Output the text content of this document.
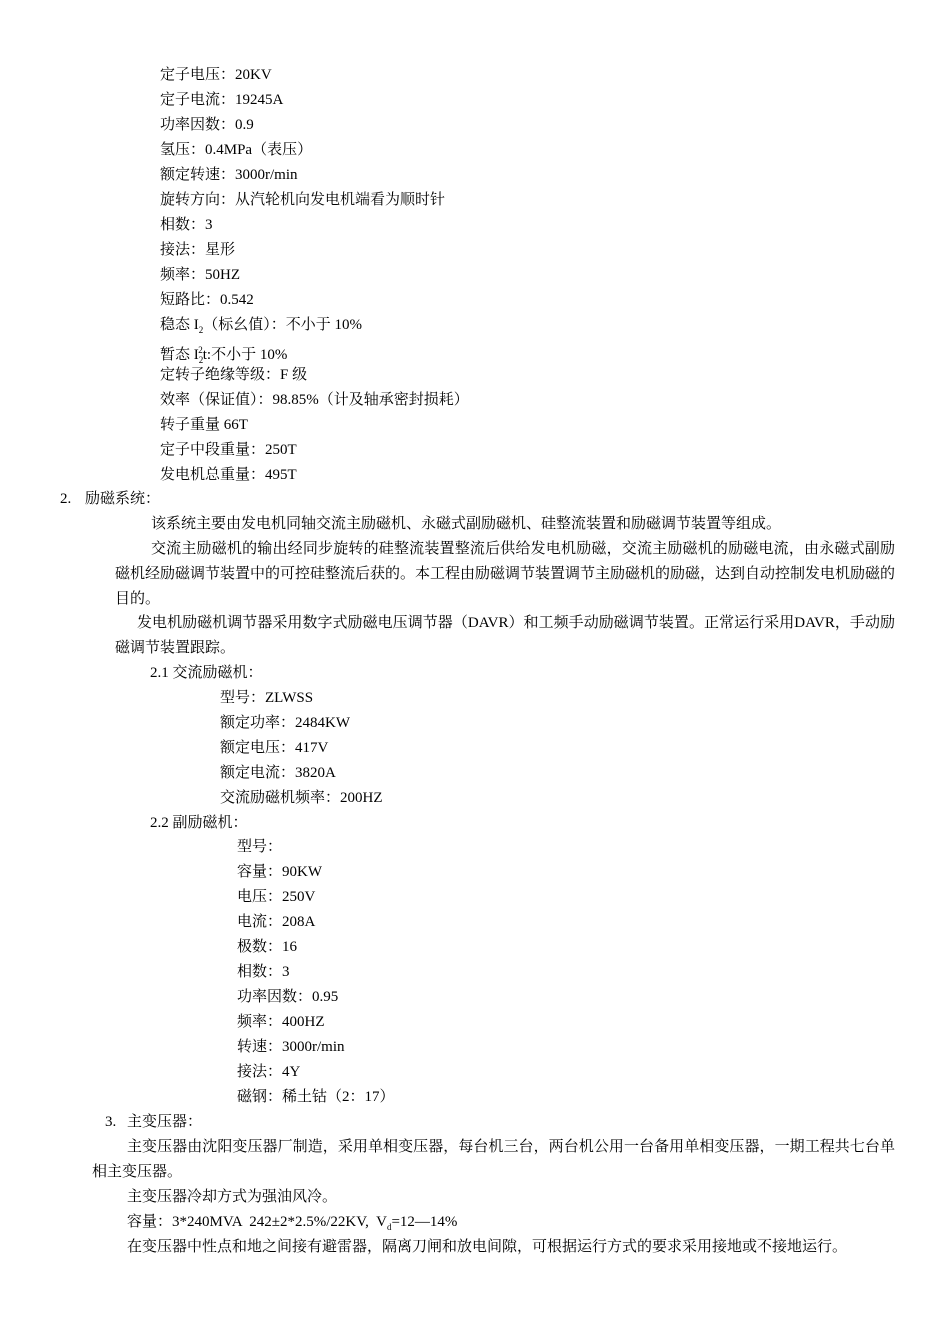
定子电压：20KV
定子电流：19245A
功率因数：0.9
氢压：0.4MPa（表压）
额定转速：3000r/min
旋转方向：从汽轮机向发电机端看为顺时针
相数：3
接法：星形
频率：50HZ
短路比：0.542
稳态 $I_2$（标幺值）：不小于 10%
暂态 $I_2^2t$:不小于 10%
定转子绝缘等级：F 级
效率（保证值）：98.85%（计及轴承密封损耗）
转子重量 66T
定子中段重量：250T
发电机总重量：495T
2. 励磁系统：
该系统主要由发电机同轴交流主励磁机、永磁式副励磁机、硅整流装置和励磁调节装置等组成。
交流主励磁机的输出经同步旋转的硅整流装置整流后供给发电机励磁，交流主励磁机的励磁电流，由永磁式副励磁机经励磁调节装置中的可控硅整流后获的。本工程由励磁调节装置调节主励磁机的励磁，达到自动控制发电机励磁的目的。
发电机励磁机调节器采用数字式励磁电压调节器（DAVR）和工频手动励磁调节装置。正常运行采用DAVR，手动励磁调节装置跟踪。
2.1 交流励磁机：
型号：ZLWSS
额定功率：2484KW
额定电压：417V
额定电流：3820A
交流励磁机频率：200HZ
2.2 副励磁机：
型号：
容量：90KW
电压：250V
电流：208A
极数：16
相数：3
功率因数：0.95
频率：400HZ
转速：3000r/min
接法：4Y
磁钢：稀土钴（2：17）
3. 主变压器：
主变压器由沈阳变压器厂制造，采用单相变压器，每台机三台，两台机公用一台备用单相变压器，一期工程共七台单相主变压器。
主变压器冷却方式为强油风冷。
容量：3*240MVA  242±2*2.5%/22KV,  $V_d=12—14\%$
在变压器中性点和地之间接有避雷器，隔离刀闸和放电间隙，可根据运行方式的要求采用接地或不接地运行。
